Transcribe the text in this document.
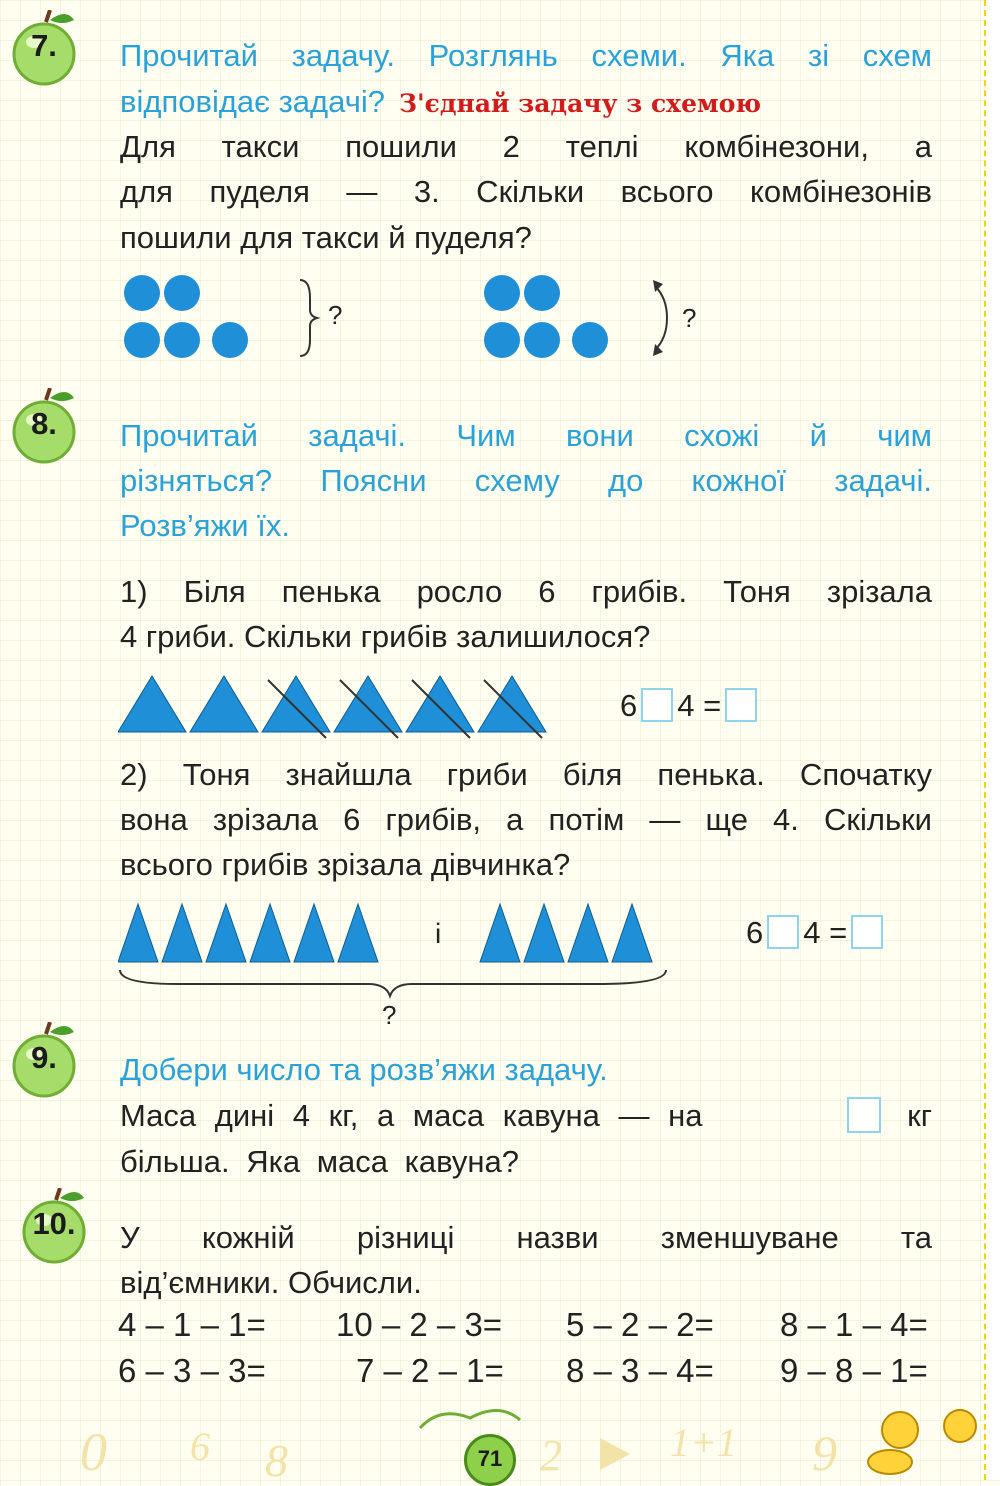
7.	Прочитай задачу. Розглянь схеми. Яка зі схем
відповідає задачі? З'єднай задачу з схемою
Для такси пошили 2 теплі комбінезони, а
для пуделя — 3. Скільки всього комбінезонів
пошили для такси й пуделя?
?	?
8.	Прочитай задачі. Чим вони схожі й чим
різняться? Поясни схему до кожної задачі.
Розв’яжи їх.
1) Біля пенька росло 6 грибів. Тоня зрізала
4 гриби. Скільки грибів залишилося?
6 4 =
2) Тоня знайшла гриби біля пенька. Спочатку
вона зрізала 6 грибів, а потім — ще 4. Скільки
всього грибів зрізала дівчинка?
і
?
6 4 =
9.	Добери число та розв’яжи задачу.
Маса дині 4 кг, а маса кавуна — на	кг
більша. Яка маса кавуна?
10.	У кожній різниці назви зменшуване та
від’ємники. Обчисли.
4 – 1 – 1= 10 – 2 – 3= 5 – 2 – 2= 8 – 1 – 4=
6 – 3 – 3=	7 – 2 – 1= 8 – 3 – 4= 9 – 8 – 1=
0 6 8	2	1+1 9
71
